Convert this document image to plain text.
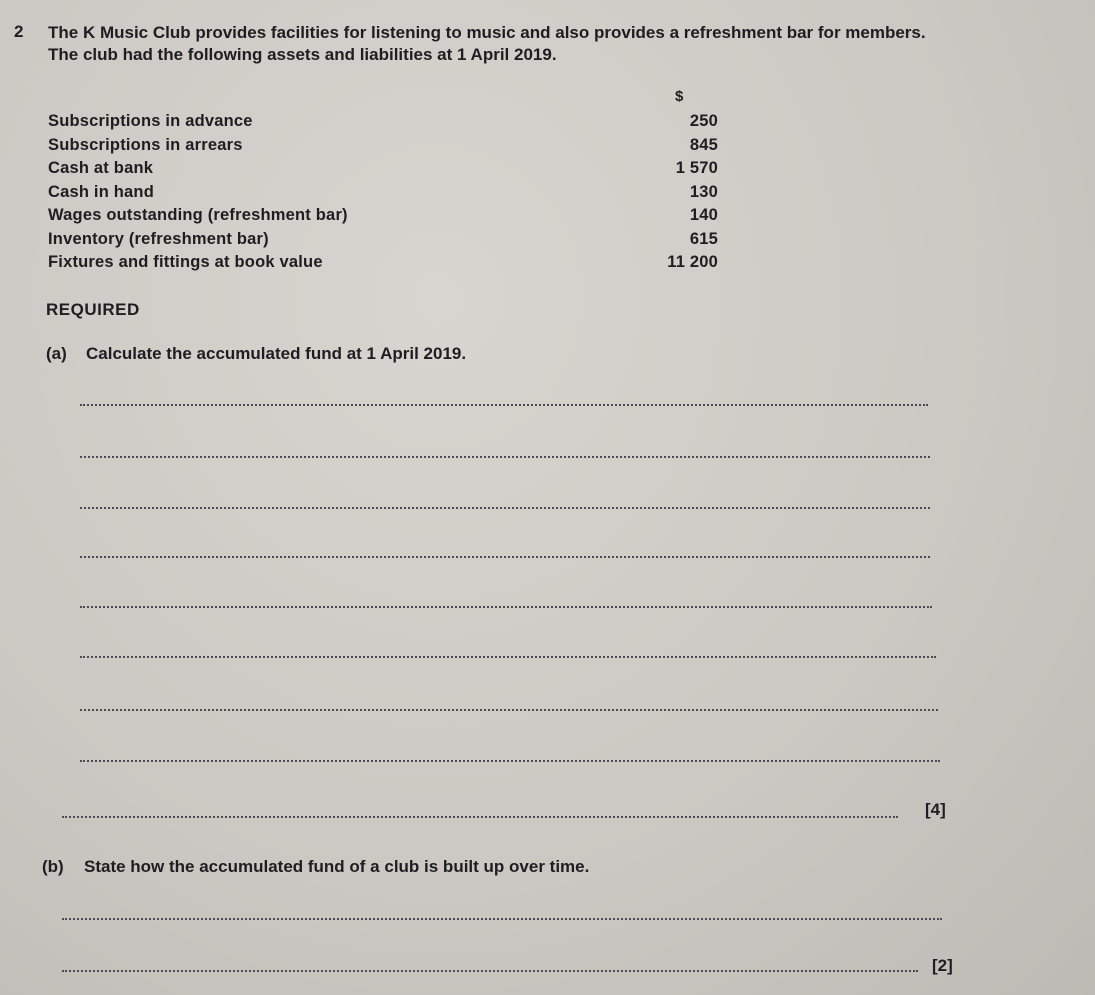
2 The K Music Club provides facilities for listening to music and also provides a refreshment bar for members. The club had the following assets and liabilities at 1 April 2019.
$
Subscriptions in advance	250
Subscriptions in arrears	845
Cash at bank	1 570
Cash in hand	130
Wages outstanding (refreshment bar)	140
Inventory (refreshment bar)	615
Fixtures and fittings at book value	11 200
REQUIRED
(a) Calculate the accumulated fund at 1 April 2019.
[4]
(b) State how the accumulated fund of a club is built up over time.
[2]
